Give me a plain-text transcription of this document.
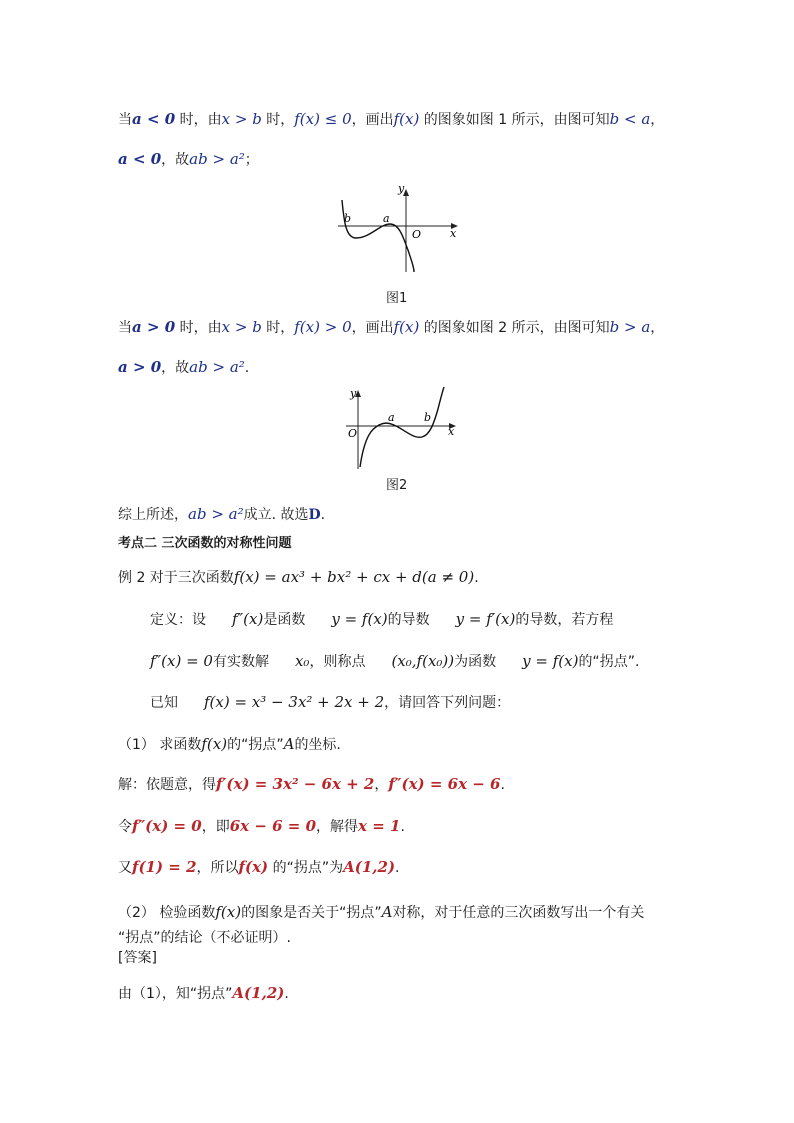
当a < 0 时，由x > b 时，f(x) ≤ 0，画出f(x) 的图象如图 1 所示，由图可知b < a，
a < 0，故ab > a²；
b	a
O	x
y
图1
当a > 0 时，由x > b 时，f(x) > 0，画出f(x) 的图象如图 2 所示，由图可知b > a，
a > 0，故ab > a².
a	b
O	x
y
图2
综上所述，ab > a²成立. 故选D.
考点二 三次函数的对称性问题
例 2 对于三次函数f(x) = ax³ + bx² + cx + d(a ≠ 0).
定义：设 f″(x)是函数 y = f(x)的导数 y = f′(x)的导数，若方程
f″(x) = 0有实数解 x₀，则称点 (x₀,f(x₀))为函数 y = f(x)的“拐点”.
已知 f(x) = x³ − 3x² + 2x + 2，请回答下列问题：
（1） 求函数f(x)的“拐点”A的坐标.
解：依题意，得f′(x) = 3x² − 6x + 2，f″(x) = 6x − 6.
令f″(x) = 0，即6x − 6 = 0，解得x = 1.
又f(1) = 2，所以f(x) 的“拐点”为A(1,2).
（2） 检验函数f(x)的图象是否关于“拐点”A对称，对于任意的三次函数写出一个有关
“拐点”的结论（不必证明）.
[答案]
由（1），知“拐点”A(1,2).
